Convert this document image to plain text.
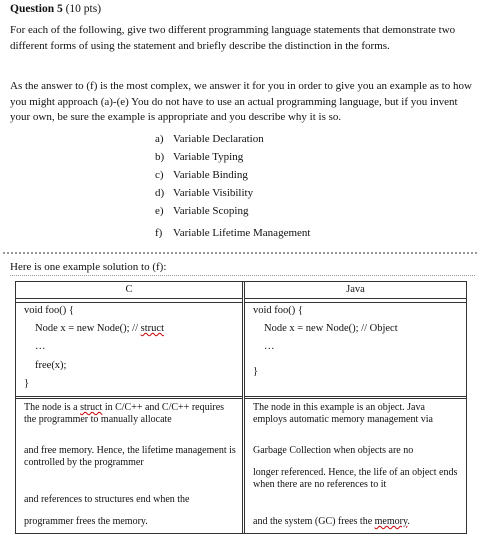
Question 5 (10 pts)
For each of the following, give two different programming language statements that demonstrate two different forms of using the statement and briefly describe the distinction in the forms.
As the answer to (f) is the most complex, we answer it for you in order to give you an example as to how you might approach (a)-(e) You do not have to use an actual programming language, but if you invent your own, be sure the example is appropriate and you describe why it is so.
a) Variable Declaration
b) Variable Typing
c) Variable Binding
d) Variable Visibility
e) Variable Scoping
f) Variable Lifetime Management
Here is one example solution to (f):
C
void foo() {
Node x = new Node(); // struct
…
free(x);
}
The node is a struct in C/C++ and C/C++ requires the programmer to manually allocate
and free memory. Hence, the lifetime management is controlled by the programmer
and references to structures end when the
programmer frees the memory.
Java
void foo() {
Node x = new Node(); // Object
…
}
The node in this example is an object. Java employs automatic memory management via
Garbage Collection when objects are no
longer referenced. Hence, the life of an object ends when there are no references to it
and the system (GC) frees the memory.
